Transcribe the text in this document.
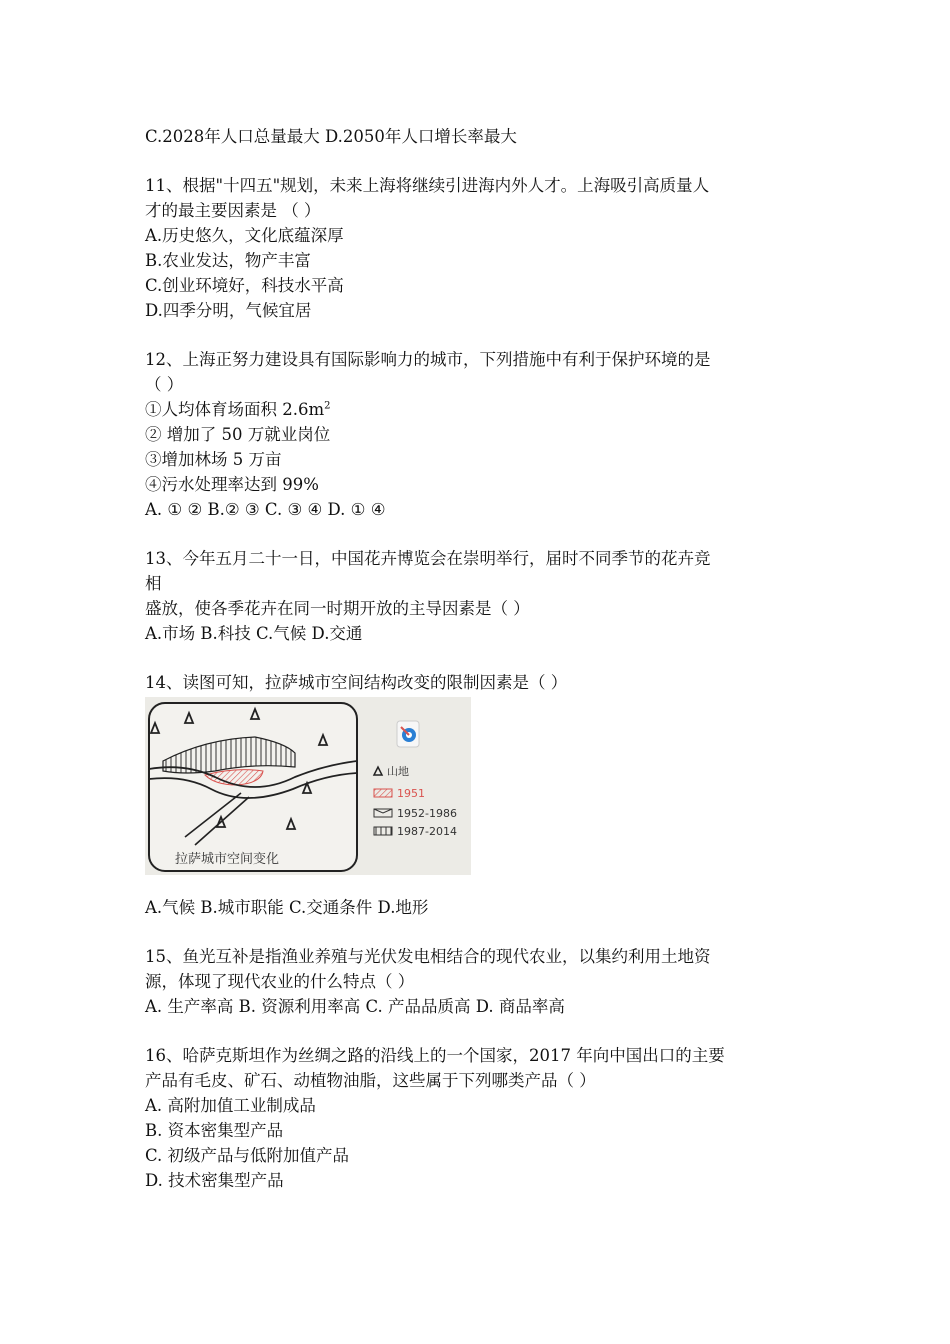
C.2028年人口总量最大 D.2050年人口增长率最大
11、根据"十四五"规划，未来上海将继续引进海内外人才。上海吸引高质量人
才的最主要因素是 （ ）
A.历史悠久，文化底蕴深厚
B.农业发达，物产丰富
C.创业环境好，科技水平高
D.四季分明，气候宜居
12、上海正努力建设具有国际影响力的城市，下列措施中有利于保护环境的是
（ ）
①人均体育场面积 $2.6m^2$
② 增加了 50 万就业岗位
③增加林场 5 万亩
④污水处理率达到 99%
A. ① ② B.② ③ C. ③ ④ D. ① ④
13、今年五月二十一日，中国花卉博览会在崇明举行，届时不同季节的花卉竞
相
盛放，使各季花卉在同一时期开放的主导因素是（ ）
A.市场 B.科技 C.气候 D.交通
14、读图可知，拉萨城市空间结构改变的限制因素是（ ）
拉萨城市空间变化
山地
1951
1952-1986
1987-2014
A.气候 B.城市职能 C.交通条件 D.地形
15、鱼光互补是指渔业养殖与光伏发电相结合的现代农业，以集约利用土地资
源，体现了现代农业的什么特点（ ）
A. 生产率高 B. 资源利用率高 C. 产品品质高 D. 商品率高
16、哈萨克斯坦作为丝绸之路的沿线上的一个国家，2017 年向中国出口的主要
产品有毛皮、矿石、动植物油脂，这些属于下列哪类产品（ ）
A. 高附加值工业制成品
B. 资本密集型产品
C. 初级产品与低附加值产品
D. 技术密集型产品
